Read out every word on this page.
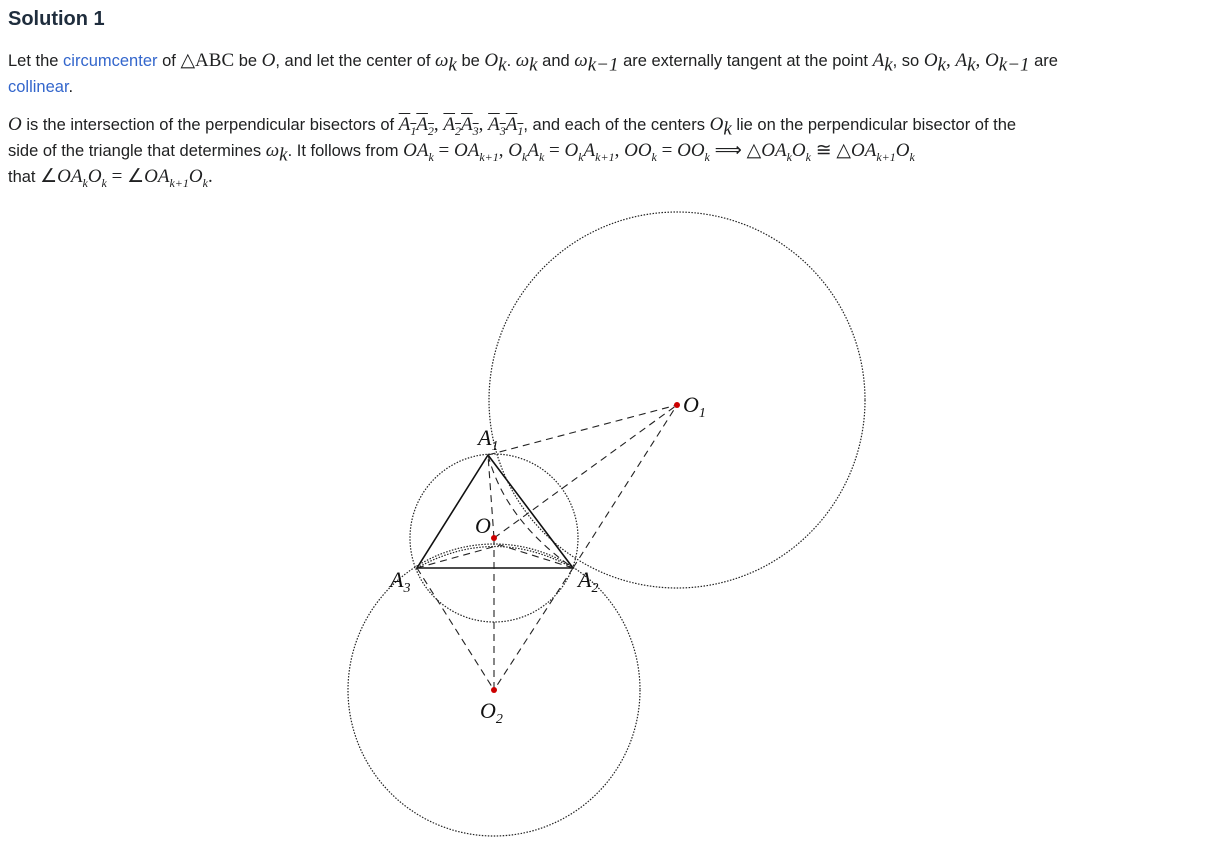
Solution 1
Let the circumcenter of △ABC be O, and let the center of $\omega_k$ be $O_k$. $\omega_k$ and $\omega_{k-1}$ are externally tangent at the point $A_k$, so $O_k$, $A_k$, $O_{k-1}$ are
collinear.
O is the intersection of the perpendicular bisectors of $A_1A_2$, $A_2A_3$, $A_3A_1$, and each of the centers $O_k$ lie on the perpendicular bisector of the
side of the triangle that determines $\omega_k$. It follows from $OA_k = OA_{k+1}$, $O_kA_k = O_kA_{k+1}$, $OO_k = OO_k$ ⟹ $\triangle OA_kO_k$ ≅ $\triangle OA_{k+1}O_k$
that $\angle OA_kO_k$ = $\angle OA_{k+1}O_k$.
$O_1$
$O_2$
O
$A_1$
$A_2$
$A_3$
